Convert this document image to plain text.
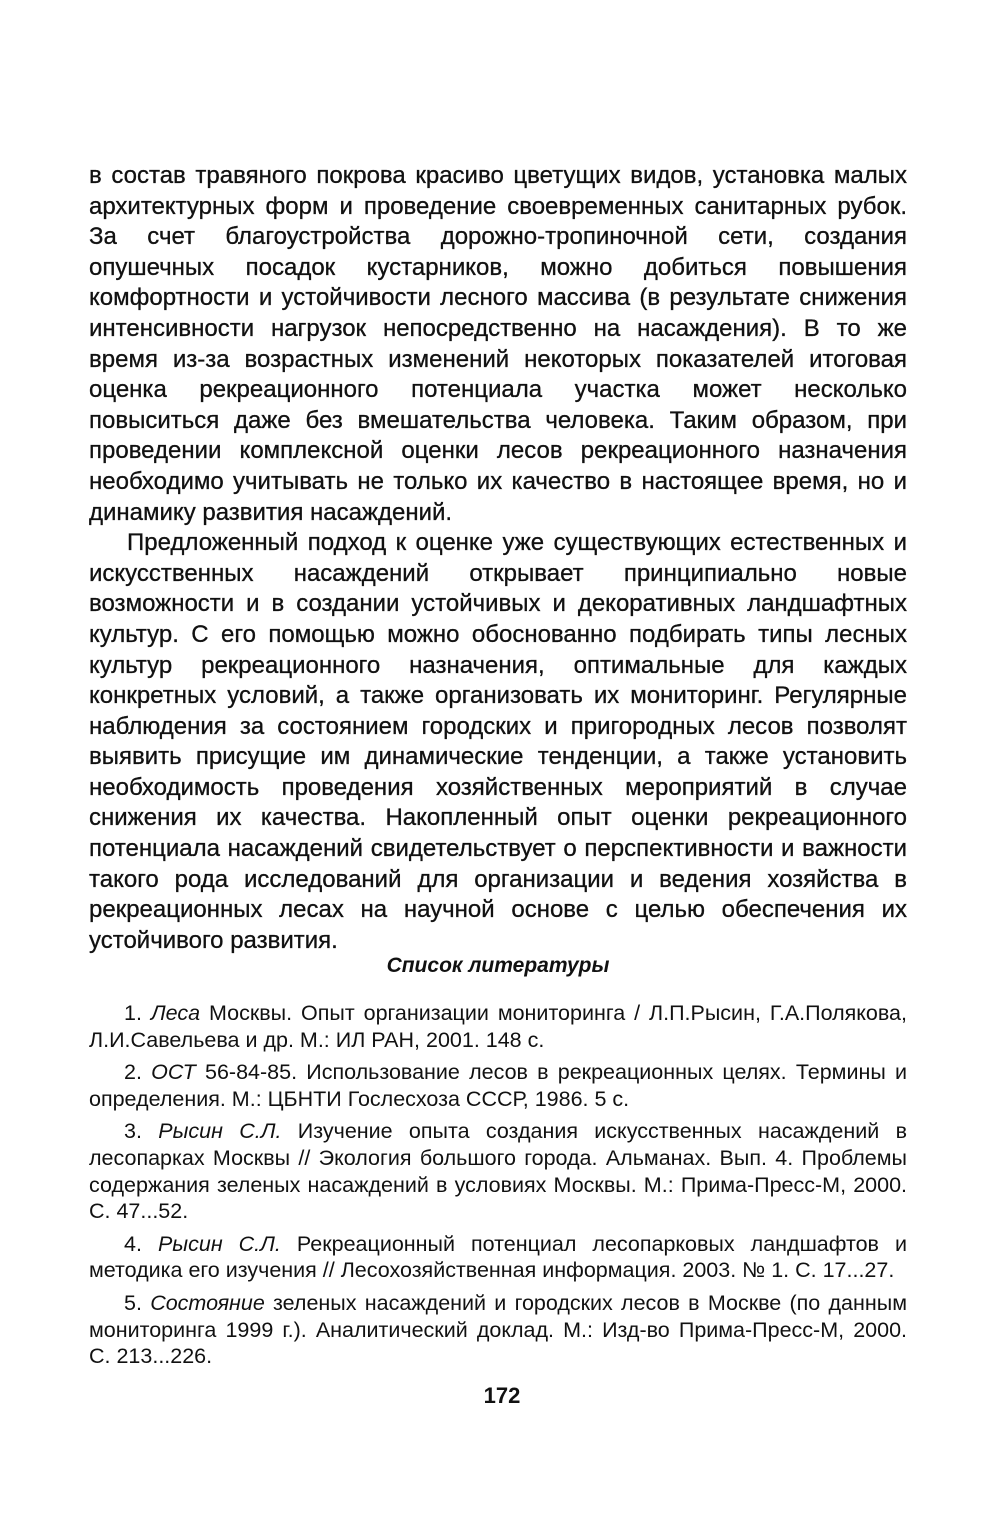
в состав травяного покрова красиво цветущих видов, установка малых архитектурных форм и проведение своевременных санитарных рубок. За счет благоустройства дорожно-тропиночной сети, создания опушечных посадок кустарников, можно добиться повышения комфортности и устойчивости лесного массива (в результате снижения интенсивности нагрузок непосредственно на насаждения). В то же время из-за возрастных изменений некоторых показателей итоговая оценка рекреационного потенциала участка может несколько повыситься даже без вмешательства человека. Таким образом, при проведении комплексной оценки лесов рекреационного назначения необходимо учитывать не только их качество в настоящее время, но и динамику развития насаждений.

Предложенный подход к оценке уже существующих естественных и искусственных насаждений открывает принципиально новые возможности и в создании устойчивых и декоративных ландшафтных культур. С его помощью можно обоснованно подбирать типы лесных культур рекреационного назначения, оптимальные для каждых конкретных условий, а также организовать их мониторинг. Регулярные наблюдения за состоянием городских и пригородных лесов позволят выявить присущие им динамические тенденции, а также установить необходимость проведения хозяйственных мероприятий в случае снижения их качества. Накопленный опыт оценки рекреационного потенциала насаждений свидетельствует о перспективности и важности такого рода исследований для организации и ведения хозяйства в рекреационных лесах на научной основе с целью обеспечения их устойчивого развития.

Список литературы

1. Леса Москвы. Опыт организации мониторинга / Л.П.Рысин, Г.А.Полякова, Л.И.Савельева и др. М.: ИЛ РАН, 2001. 148 с.

2. ОСТ 56-84-85. Использование лесов в рекреационных целях. Термины и определения. М.: ЦБНТИ Гослесхоза СССР, 1986. 5 с.

3. Рысин С.Л. Изучение опыта создания искусственных насаждений в лесопарках Москвы // Экология большого города. Альманах. Вып. 4. Проблемы содержания зеленых насаждений в условиях Москвы. М.: Прима-Пресс-М, 2000. С. 47...52.

4. Рысин С.Л. Рекреационный потенциал лесопарковых ландшафтов и методика его изучения // Лесохозяйственная информация. 2003. № 1. С. 17...27.

5. Состояние зеленых насаждений и городских лесов в Москве (по данным мониторинга 1999 г.). Аналитический доклад. М.: Изд-во Прима-Пресс-М, 2000. С. 213...226.

172
